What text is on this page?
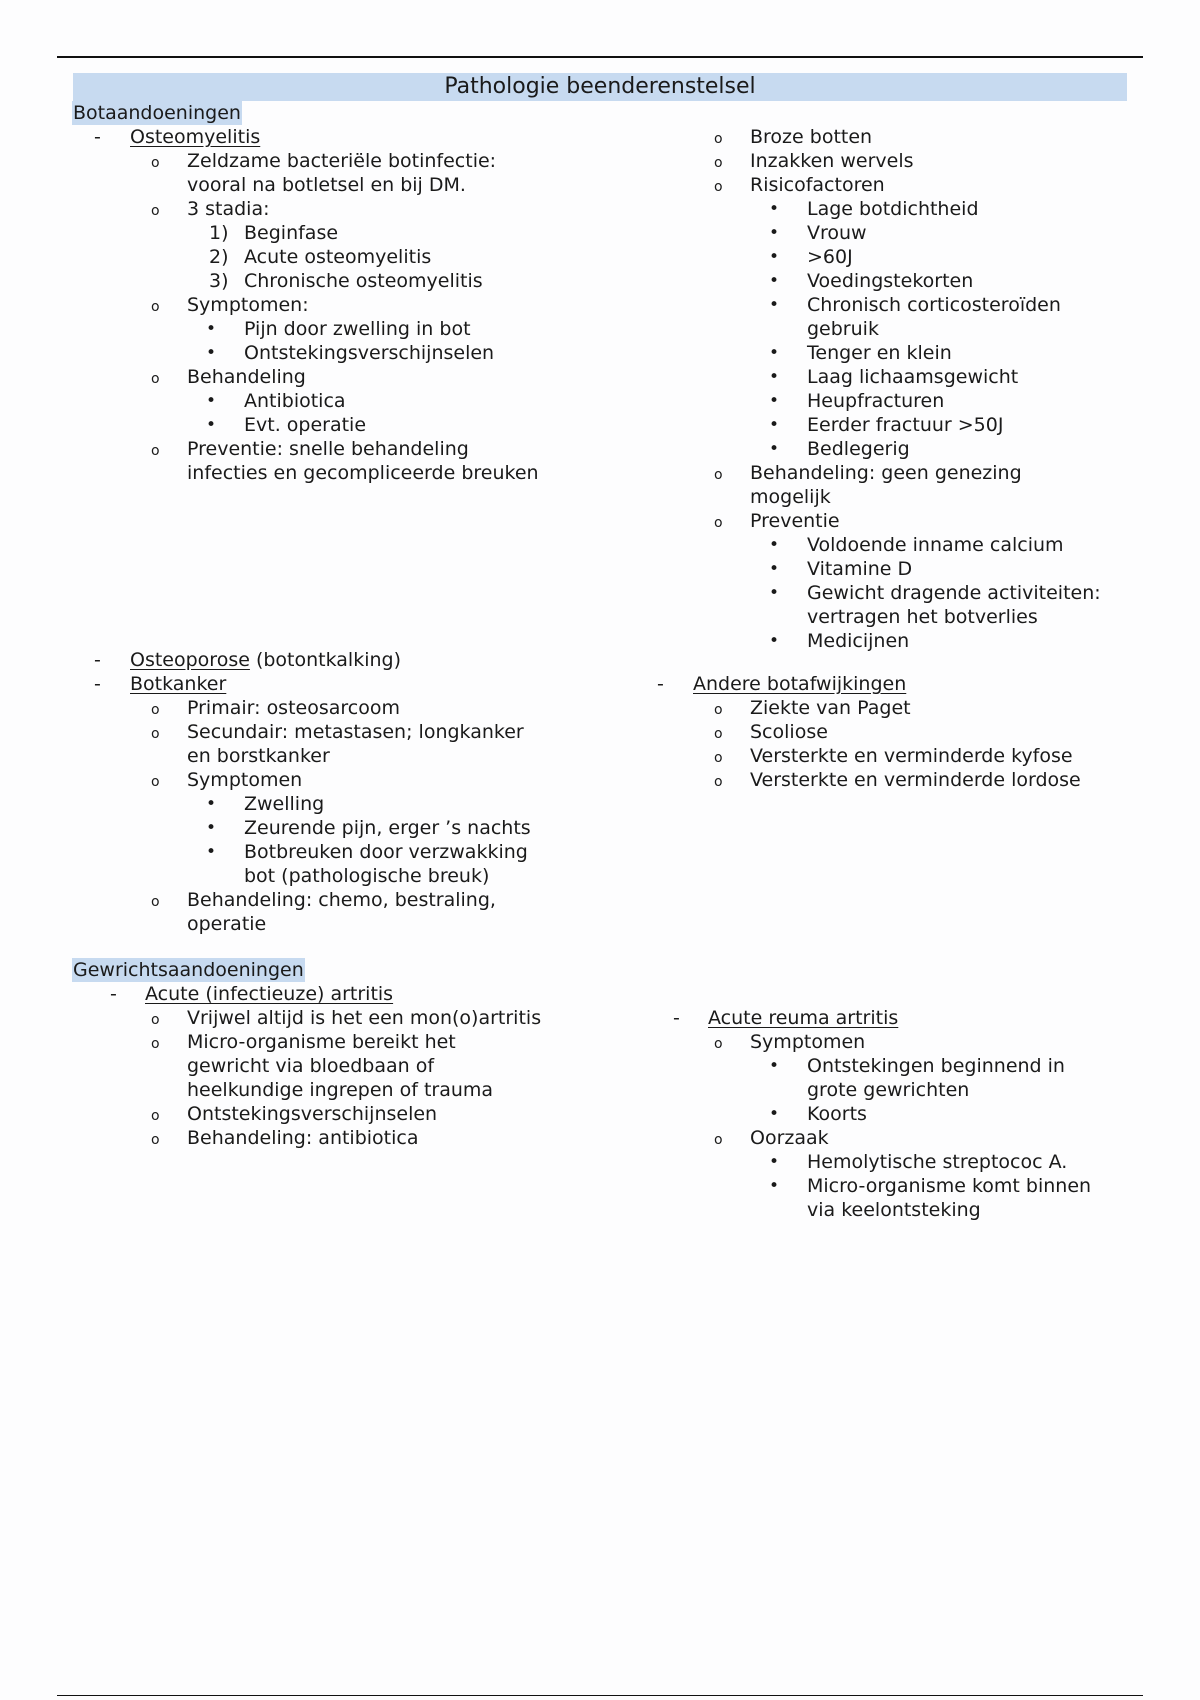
Pathologie beenderenstelsel
Botaandoeningen
- Osteomyelitis
o Zeldzame bacteriële botinfectie:
vooral na botletsel en bij DM.
o 3 stadia:
1) Beginfase
2) Acute osteomyelitis
3) Chronische osteomyelitis
o Symptomen:
• Pijn door zwelling in bot
• Ontstekingsverschijnselen
o Behandeling
• Antibiotica
• Evt. operatie
o Preventie: snelle behandeling
infecties en gecompliceerde breuken
o Broze botten
o Inzakken wervels
o Risicofactoren
• Lage botdichtheid
• Vrouw
• >60J
• Voedingstekorten
• Chronisch corticosteroïden
gebruik
• Tenger en klein
• Laag lichaamsgewicht
• Heupfracturen
• Eerder fractuur >50J
• Bedlegerig
o Behandeling: geen genezing
mogelijk
o Preventie
• Voldoende inname calcium
• Vitamine D
• Gewicht dragende activiteiten:
vertragen het botverlies
• Medicijnen
- Osteoporose (botontkalking)
- Botkanker
o Primair: osteosarcoom
o Secundair: metastasen; longkanker
en borstkanker
o Symptomen
• Zwelling
• Zeurende pijn, erger ’s nachts
• Botbreuken door verzwakking
bot (pathologische breuk)
o Behandeling: chemo, bestraling,
operatie
- Andere botafwijkingen
o Ziekte van Paget
o Scoliose
o Versterkte en verminderde kyfose
o Versterkte en verminderde lordose
Gewrichtsaandoeningen
- Acute (infectieuze) artritis
o Vrijwel altijd is het een mon(o)artritis
o Micro-organisme bereikt het
gewricht via bloedbaan of
heelkundige ingrepen of trauma
o Ontstekingsverschijnselen
o Behandeling: antibiotica
- Acute reuma artritis
o Symptomen
• Ontstekingen beginnend in
grote gewrichten
• Koorts
o Oorzaak
• Hemolytische streptococ A.
• Micro-organisme komt binnen
via keelontsteking
